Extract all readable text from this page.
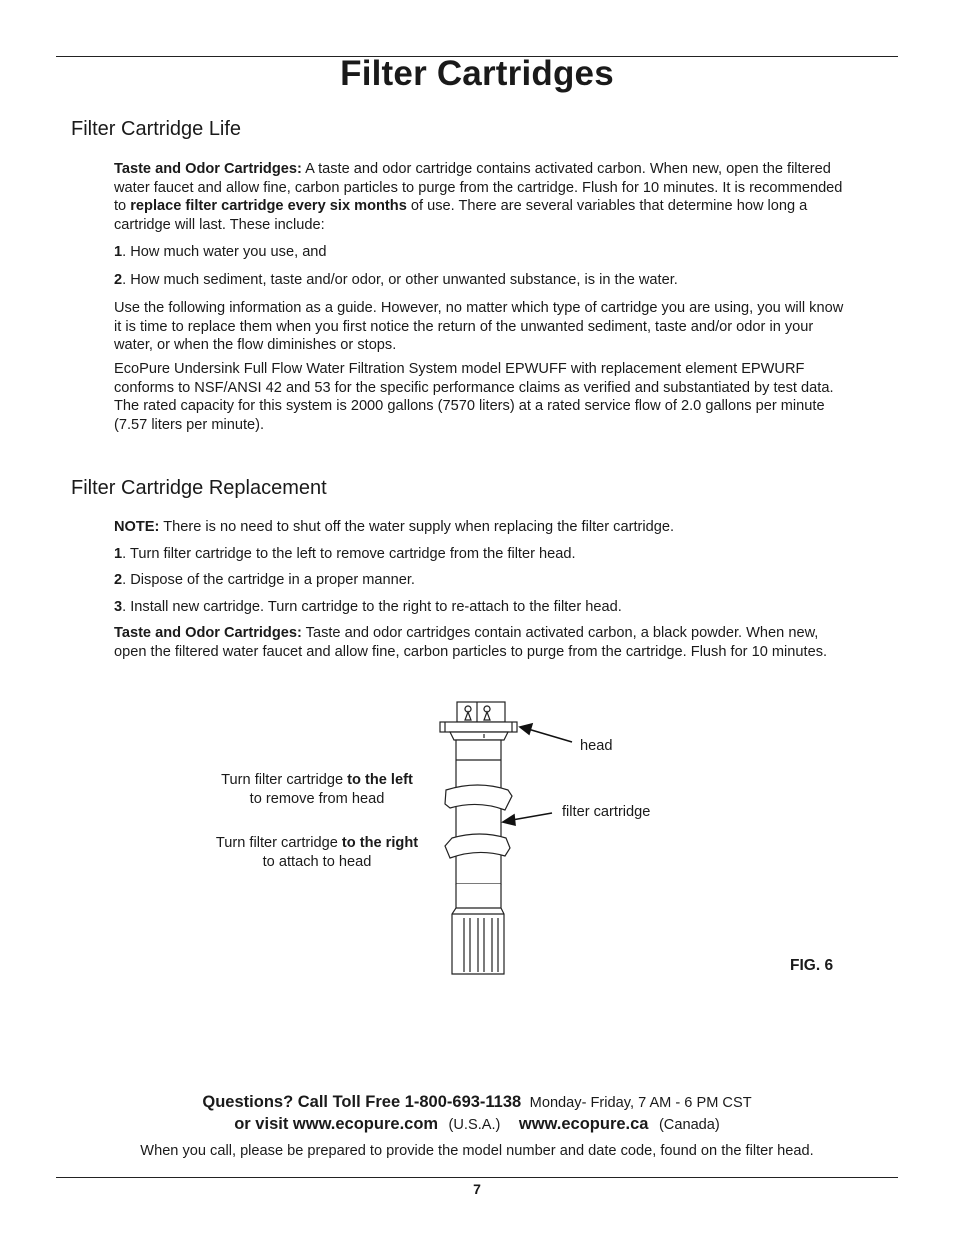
Filter Cartridges
Filter Cartridge Life

Taste and Odor Cartridges: A taste and odor cartridge contains activated carbon. When new, open the filtered water faucet and allow fine, carbon particles to purge from the cartridge. Flush for 10 minutes. It is recommended to replace filter cartridge every six months of use. There are several variables that determine how long a cartridge will last. These include:

1. How much water you use, and

2. How much sediment, taste and/or odor, or other unwanted substance, is in the water.

Use the following information as a guide. However, no matter which type of cartridge you are using, you will know it is time to replace them when you first notice the return of the unwanted sediment, taste and/or odor in your water, or when the flow diminishes or stops.

EcoPure Undersink Full Flow Water Filtration System model EPWUFF with replacement element EPWURF conforms to NSF/ANSI 42 and 53 for the specific performance claims as verified and substantiated by test data. The rated capacity for this system is 2000 gallons (7570 liters) at a rated service flow of 2.0 gallons per minute (7.57 liters per minute).

Filter Cartridge Replacement

NOTE: There is no need to shut off the water supply when replacing the filter cartridge.

1. Turn filter cartridge to the left to remove cartridge from the filter head.

2. Dispose of the cartridge in a proper manner.

3. Install new cartridge. Turn cartridge to the right to re-attach to the filter head.

Taste and Odor Cartridges: Taste and odor cartridges contain activated carbon, a black powder. When new, open the filtered water faucet and allow fine, carbon particles to purge from the cartridge. Flush for 10 minutes.

Turn filter cartridge to the left
to remove from head
Turn filter cartridge to the right
to attach to head
head
filter cartridge
FIG. 6
Questions? Call Toll Free 1-800-693-1138 Monday- Friday, 7 AM - 6 PM CST
or visit www.ecopure.com (U.S.A.) www.ecopure.ca (Canada)
When you call, please be prepared to provide the model number and date code, found on the filter head.
7
